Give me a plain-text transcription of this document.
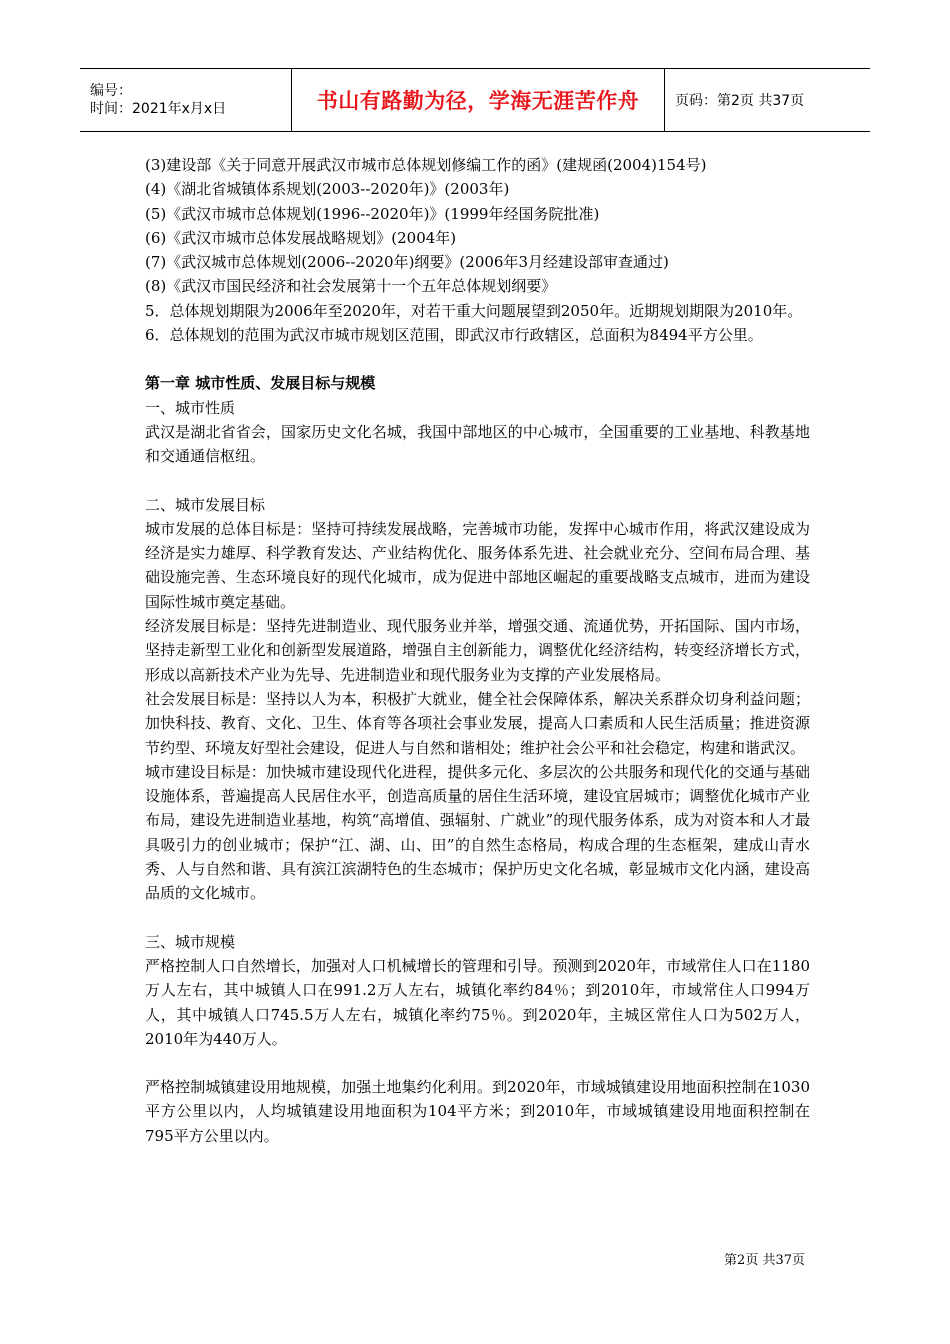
编号：
时间：2021年x月x日	书山有路勤为径，学海无涯苦作舟	页码：第2页 共37页

(3)建设部《关于同意开展武汉市城市总体规划修编工作的函》(建规函(2004)154号)

(4)《湖北省城镇体系规划(2003--2020年)》(2003年)

(5)《武汉市城市总体规划(1996--2020年)》(1999年经国务院批准)

(6)《武汉市城市总体发展战略规划》(2004年)

(7)《武汉城市总体规划(2006--2020年)纲要》(2006年3月经建设部审查通过)

(8)《武汉市国民经济和社会发展第十一个五年总体规划纲要》

5．总体规划期限为2006年至2020年，对若干重大问题展望到2050年。近期规划期限为2010年。

6．总体规划的范围为武汉市城市规划区范围，即武汉市行政辖区，总面积为8494平方公里。

第一章 城市性质、发展目标与规模

一、城市性质

武汉是湖北省省会，国家历史文化名城，我国中部地区的中心城市，全国重要的工业基地、科教基地和交通通信枢纽。

二、城市发展目标

城市发展的总体目标是：坚持可持续发展战略，完善城市功能，发挥中心城市作用，将武汉建设成为经济是实力雄厚、科学教育发达、产业结构优化、服务体系先进、社会就业充分、空间布局合理、基础设施完善、生态环境良好的现代化城市，成为促进中部地区崛起的重要战略支点城市，进而为建设国际性城市奠定基础。

经济发展目标是：坚持先进制造业、现代服务业并举，增强交通、流通优势，开拓国际、国内市场，坚持走新型工业化和创新型发展道路，增强自主创新能力，调整优化经济结构，转变经济增长方式，形成以高新技术产业为先导、先进制造业和现代服务业为支撑的产业发展格局。

社会发展目标是：坚持以人为本，积极扩大就业，健全社会保障体系，解决关系群众切身利益问题；加快科技、教育、文化、卫生、体育等各项社会事业发展，提高人口素质和人民生活质量；推进资源节约型、环境友好型社会建设，促进人与自然和谐相处；维护社会公平和社会稳定，构建和谐武汉。

城市建设目标是：加快城市建设现代化进程，提供多元化、多层次的公共服务和现代化的交通与基础设施体系，普遍提高人民居住水平，创造高质量的居住生活环境，建设宜居城市；调整优化城市产业布局，建设先进制造业基地，构筑“高增值、强辐射、广就业”的现代服务体系，成为对资本和人才最具吸引力的创业城市；保护“江、湖、山、田”的自然生态格局，构成合理的生态框架，建成山青水秀、人与自然和谐、具有滨江滨湖特色的生态城市；保护历史文化名城，彰显城市文化内涵，建设高品质的文化城市。

三、城市规模

严格控制人口自然增长，加强对人口机械增长的管理和引导。预测到2020年，市域常住人口在1180万人左右，其中城镇人口在991.2万人左右，城镇化率约84％；到2010年，市域常住人口994万人，其中城镇人口745.5万人左右，城镇化率约75％。到2020年，主城区常住人口为502万人，2010年为440万人。

严格控制城镇建设用地规模，加强土地集约化利用。到2020年，市域城镇建设用地面积控制在1030平方公里以内，人均城镇建设用地面积为104平方米；到2010年，市域城镇建设用地面积控制在795平方公里以内。

第2页 共37页
